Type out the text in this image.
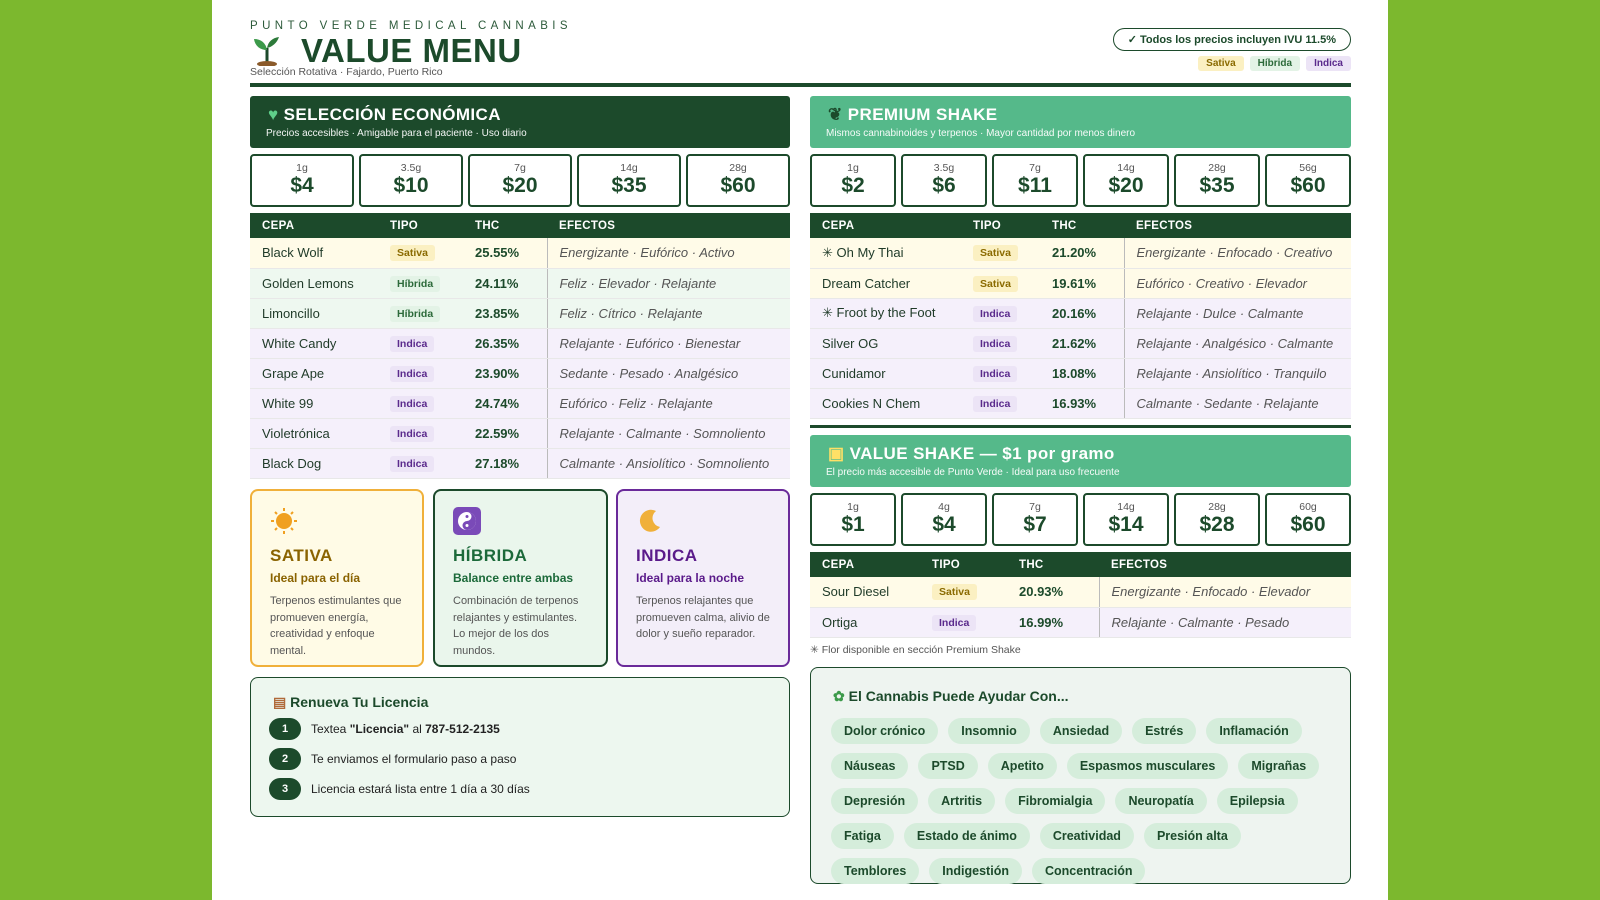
PUNTO VERDE MEDICAL CANNABIS
VALUE MENU
Selección Rotativa · Fajardo, Puerto Rico
✓ Todos los precios incluyen IVU 11.5%
Sativa	Híbrida	Indica
♥ SELECCIÓN ECONÓMICA
Precios accesibles · Amigable para el paciente · Uso diario
1g
$4
3.5g
$10
7g
$20
14g
$35
28g
$60
CEPA	TIPO	THC	EFECTOS
Black Wolf	Sativa	25.55%	Energizante · Eufórico · Activo
Golden Lemons	Híbrida	24.11%	Feliz · Elevador · Relajante
Limoncillo	Híbrida	23.85%	Feliz · Cítrico · Relajante
White Candy	Indica	26.35%	Relajante · Eufórico · Bienestar
Grape Ape	Indica	23.90%	Sedante · Pesado · Analgésico
White 99	Indica	24.74%	Eufórico · Feliz · Relajante
Violetrónica	Indica	22.59%	Relajante · Calmante · Somnoliento
Black Dog	Indica	27.18%	Calmante · Ansiolítico · Somnoliento
❦ PREMIUM SHAKE
Mismos cannabinoides y terpenos · Mayor cantidad por menos dinero
1g
$2
3.5g
$6
7g
$11
14g
$20
28g
$35
56g
$60
CEPA	TIPO	THC	EFECTOS
✳ Oh My Thai	Sativa	21.20%	Energizante · Enfocado · Creativo
Dream Catcher	Sativa	19.61%	Eufórico · Creativo · Elevador
✳ Froot by the Foot	Indica	20.16%	Relajante · Dulce · Calmante
Silver OG	Indica	21.62%	Relajante · Analgésico · Calmante
Cunidamor	Indica	18.08%	Relajante · Ansiolítico · Tranquilo
Cookies N Chem	Indica	16.93%	Calmante · Sedante · Relajante
▣ VALUE SHAKE — $1 por gramo
El precio más accesible de Punto Verde · Ideal para uso frecuente
1g
$1
4g
$4
7g
$7
14g
$14
28g
$28
60g
$60
CEPA	TIPO	THC	EFECTOS
Sour Diesel	Sativa	20.93%	Energizante · Enfocado · Elevador
Ortiga	Indica	16.99%	Relajante · Calmante · Pesado
✳ Flor disponible en sección Premium Shake
SATIVA
Ideal para el día
Terpenos estimulantes que promueven energía, creatividad y enfoque mental.
HÍBRIDA
Balance entre ambas
Combinación de terpenos relajantes y estimulantes. Lo mejor de los dos mundos.
INDICA
Ideal para la noche
Terpenos relajantes que promueven calma, alivio de dolor y sueño reparador.
▤ Renueva Tu Licencia
1	Textea "Licencia" al 787-512-2135
2	Te enviamos el formulario paso a paso
3	Licencia estará lista entre 1 día a 30 días
✿ El Cannabis Puede Ayudar Con...
Dolor crónico	Insomnio	Ansiedad	Estrés	Inflamación
Náuseas	PTSD	Apetito	Espasmos musculares	Migrañas
Depresión	Artritis	Fibromialgia	Neuropatía	Epilepsia
Fatiga	Estado de ánimo	Creatividad	Presión alta
Temblores	Indigestión	Concentración
